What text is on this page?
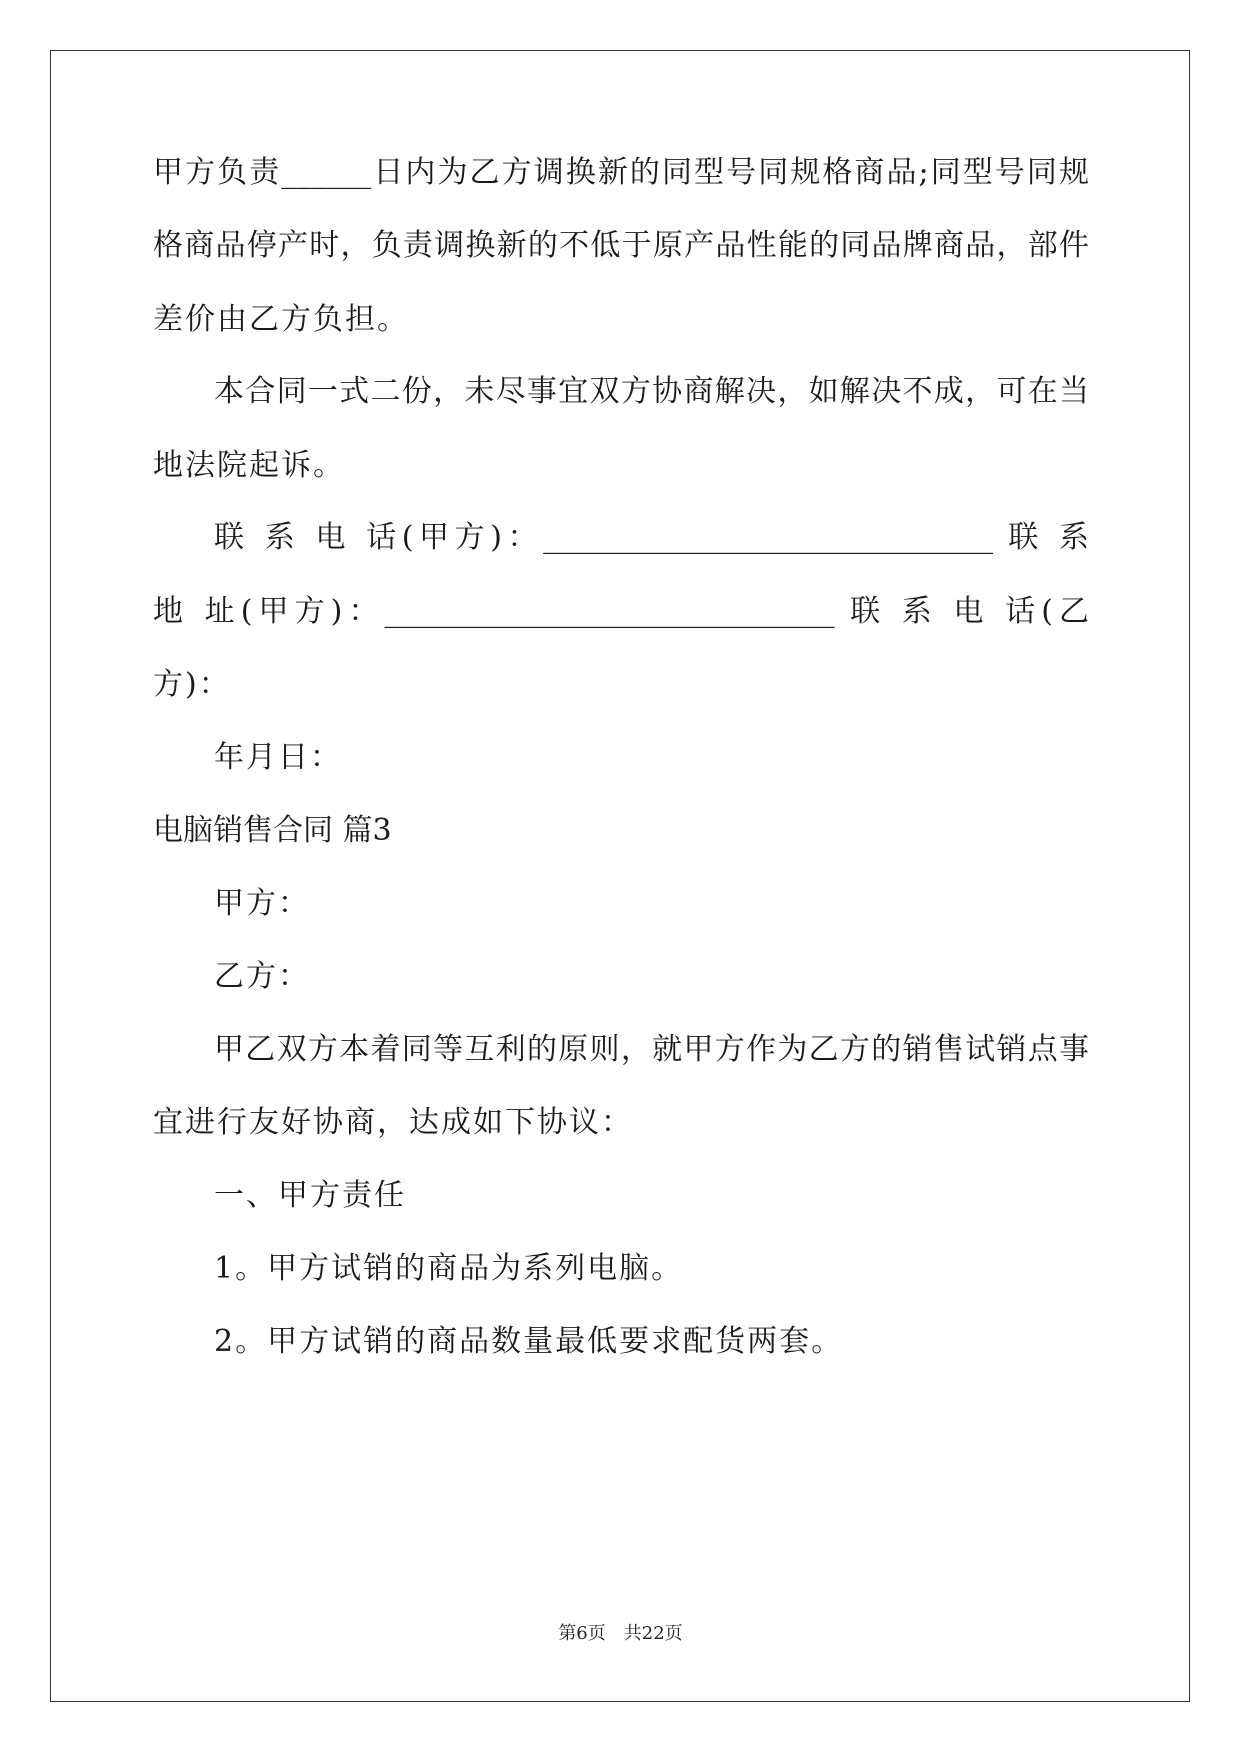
甲方负责______日内为乙方调换新的同型号同规格商品;同型号同规
格商品停产时，负责调换新的不低于原产品性能的同品牌商品，部件
差价由乙方负担。
本合同一式二份，未尽事宜双方协商解决，如解决不成，可在当
地法院起诉。
联 系 电 话(甲方)：______________________________ 联 系
地 址(甲方)：______________________________ 联 系 电 话(乙
方)：
年月日：
电脑销售合同 篇3
甲方：
乙方：
甲乙双方本着同等互利的原则，就甲方作为乙方的销售试销点事
宜进行友好协商，达成如下协议：
一、甲方责任
1。甲方试销的商品为系列电脑。
2。甲方试销的商品数量最低要求配货两套。
第6页 共22页
